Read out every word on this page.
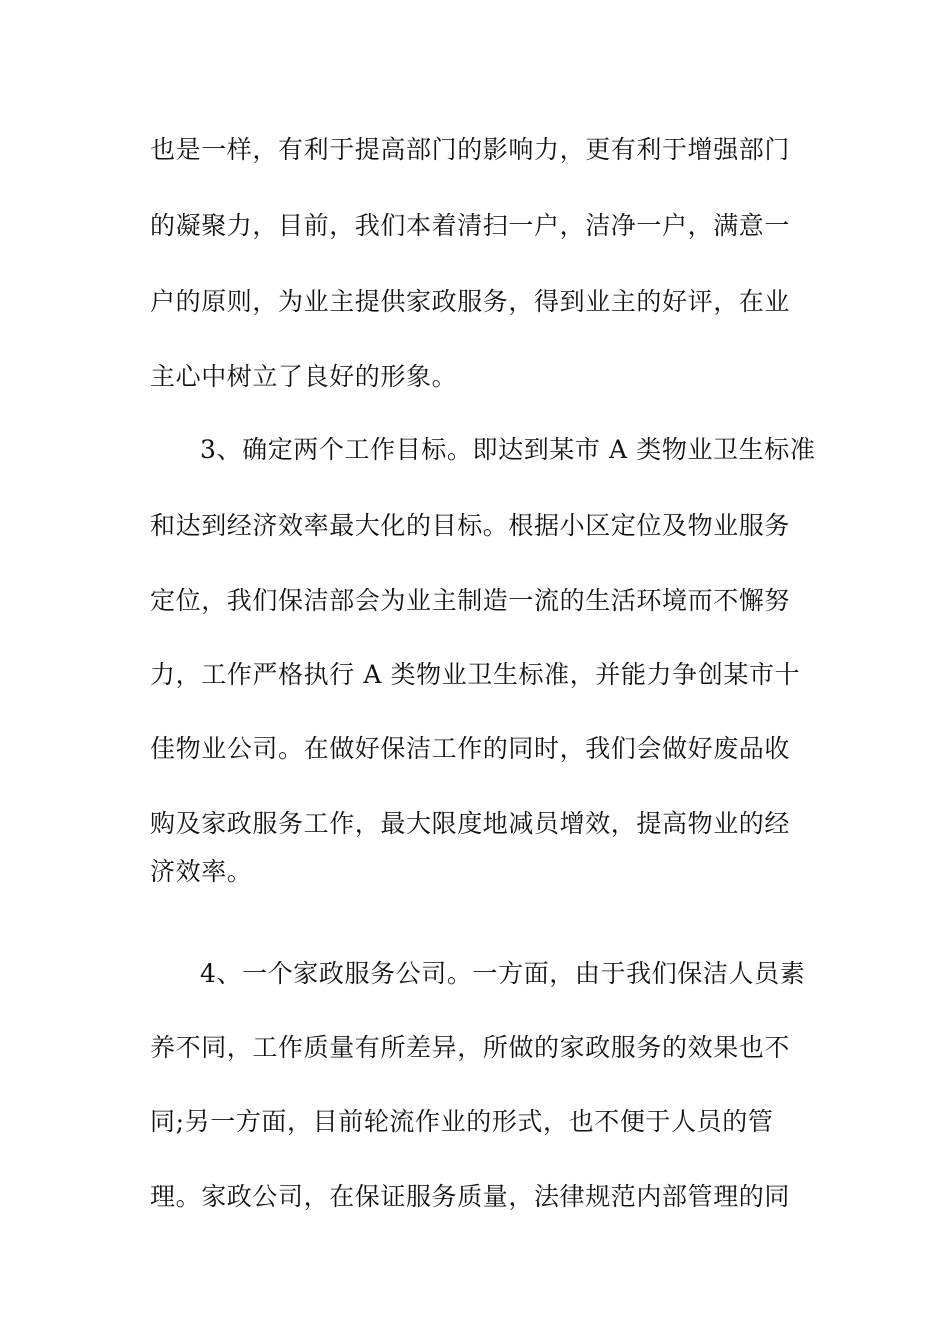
也是一样，有利于提高部门的影响力，更有利于增强部门
的凝聚力，目前，我们本着清扫一户，洁净一户，满意一
户的原则，为业主提供家政服务，得到业主的好评，在业
主心中树立了良好的形象。
3、确定两个工作目标。即达到某市 A 类物业卫生标准
和达到经济效率最大化的目标。根据小区定位及物业服务
定位，我们保洁部会为业主制造一流的生活环境而不懈努
力，工作严格执行 A 类物业卫生标准，并能力争创某市十
佳物业公司。在做好保洁工作的同时，我们会做好废品收
购及家政服务工作，最大限度地减员增效，提高物业的经
济效率。
4、一个家政服务公司。一方面，由于我们保洁人员素
养不同，工作质量有所差异，所做的家政服务的效果也不
同;另一方面，目前轮流作业的形式，也不便于人员的管
理。家政公司，在保证服务质量，法律规范内部管理的同
